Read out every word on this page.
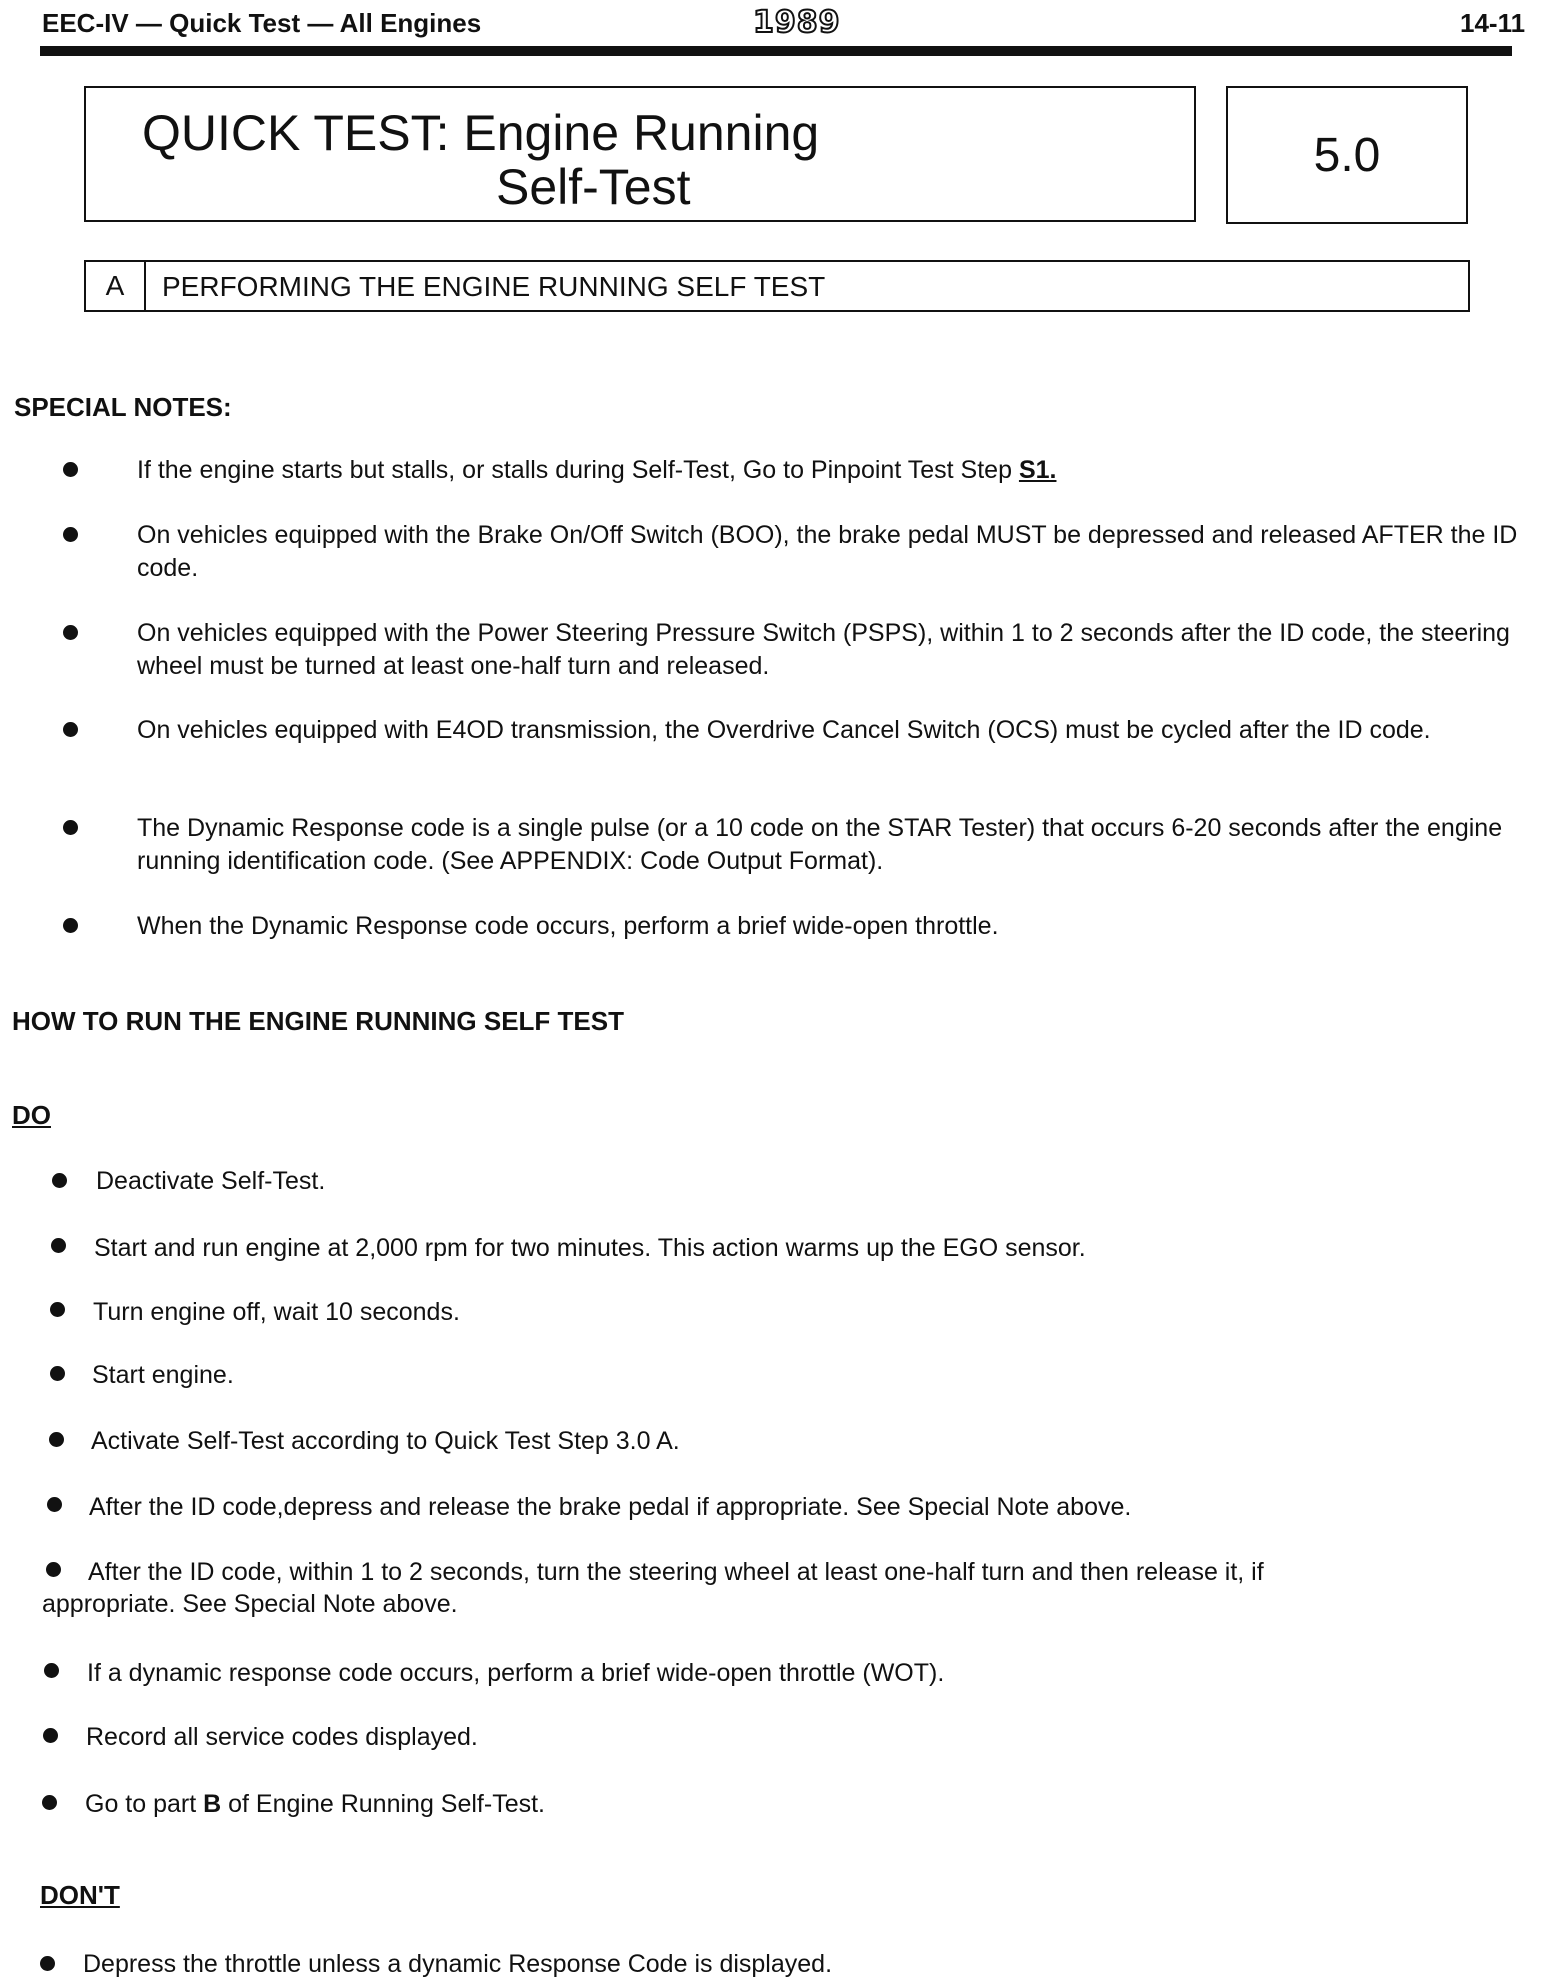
EEC-IV — Quick Test — All Engines	1989	14-11
QUICK TEST: Engine Running
Self-Test
5.0
A	PERFORMING THE ENGINE RUNNING SELF TEST
SPECIAL NOTES:
If the engine starts but stalls, or stalls during Self-Test, Go to Pinpoint Test Step S1.
On vehicles equipped with the Brake On/Off Switch (BOO), the brake pedal MUST be depressed and released AFTER the ID code.
On vehicles equipped with the Power Steering Pressure Switch (PSPS), within 1 to 2 seconds after the ID code, the steering wheel must be turned at least one-half turn and released.
On vehicles equipped with E4OD transmission, the Overdrive Cancel Switch (OCS) must be cycled after the ID code.
The Dynamic Response code is a single pulse (or a 10 code on the STAR Tester) that occurs 6-20 seconds after the engine running identification code. (See APPENDIX: Code Output Format).
When the Dynamic Response code occurs, perform a brief wide-open throttle.
HOW TO RUN THE ENGINE RUNNING SELF TEST
DO
Deactivate Self-Test.
Start and run engine at 2,000 rpm for two minutes. This action warms up the EGO sensor.
Turn engine off, wait 10 seconds.
Start engine.
Activate Self-Test according to Quick Test Step 3.0 A.
After the ID code,depress and release the brake pedal if appropriate. See Special Note above.
After the ID code, within 1 to 2 seconds, turn the steering wheel at least one-half turn and then release it, if
appropriate. See Special Note above.
If a dynamic response code occurs, perform a brief wide-open throttle (WOT).
Record all service codes displayed.
Go to part B of Engine Running Self-Test.
DON'T
Depress the throttle unless a dynamic Response Code is displayed.
